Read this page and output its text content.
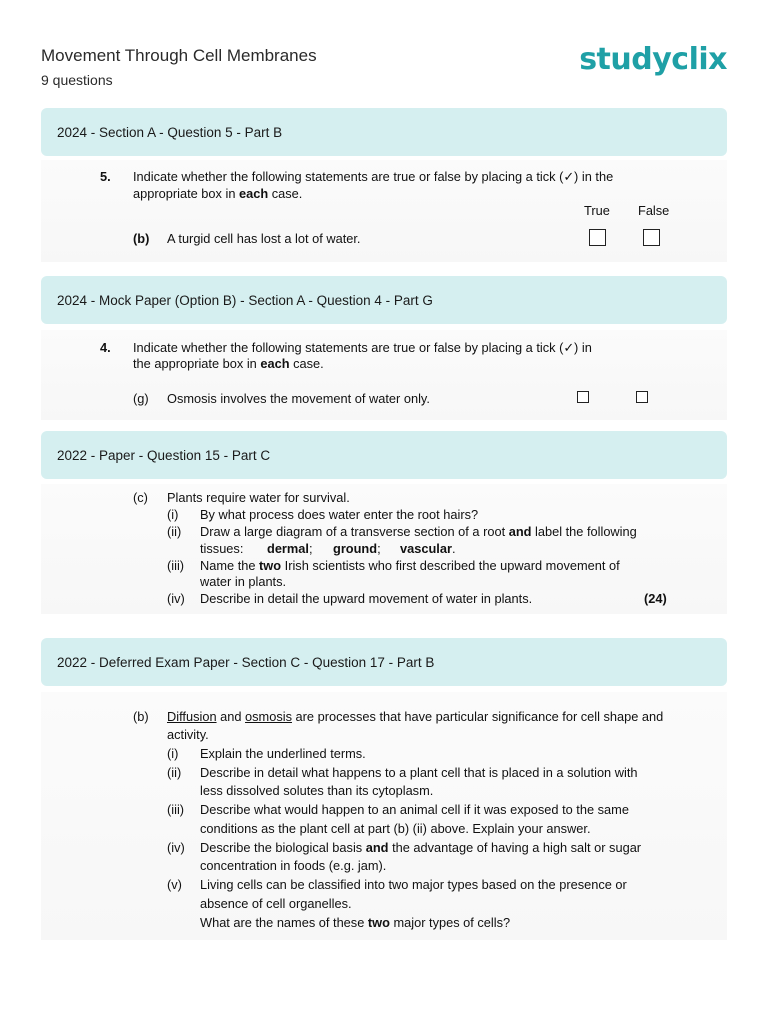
Movement Through Cell Membranes
9 questions
studyclix
2024 - Section A - Question 5 - Part B
5. Indicate whether the following statements are true or false by placing a tick (✓) in the
appropriate box in each case.
True False
(b) A turgid cell has lost a lot of water.
2024 - Mock Paper (Option B) - Section A - Question 4 - Part G
4. Indicate whether the following statements are true or false by placing a tick (✓) in
the appropriate box in each case.
(g) Osmosis involves the movement of water only.
2022 - Paper - Question 15 - Part C
(c) Plants require water for survival.
(i) By what process does water enter the root hairs?
(ii) Draw a large diagram of a transverse section of a root and label the following
tissues: dermal; ground; vascular.
(iii) Name the two Irish scientists who first described the upward movement of
water in plants.
(iv) Describe in detail the upward movement of water in plants.	(24)
2022 - Deferred Exam Paper - Section C - Question 17 - Part B
(b) Diffusion and osmosis are processes that have particular significance for cell shape and
activity.
(i) Explain the underlined terms.
(ii) Describe in detail what happens to a plant cell that is placed in a solution with
less dissolved solutes than its cytoplasm.
(iii) Describe what would happen to an animal cell if it was exposed to the same
conditions as the plant cell at part (b) (ii) above. Explain your answer.
(iv) Describe the biological basis and the advantage of having a high salt or sugar
concentration in foods (e.g. jam).
(v) Living cells can be classified into two major types based on the presence or
absence of cell organelles.
What are the names of these two major types of cells?
